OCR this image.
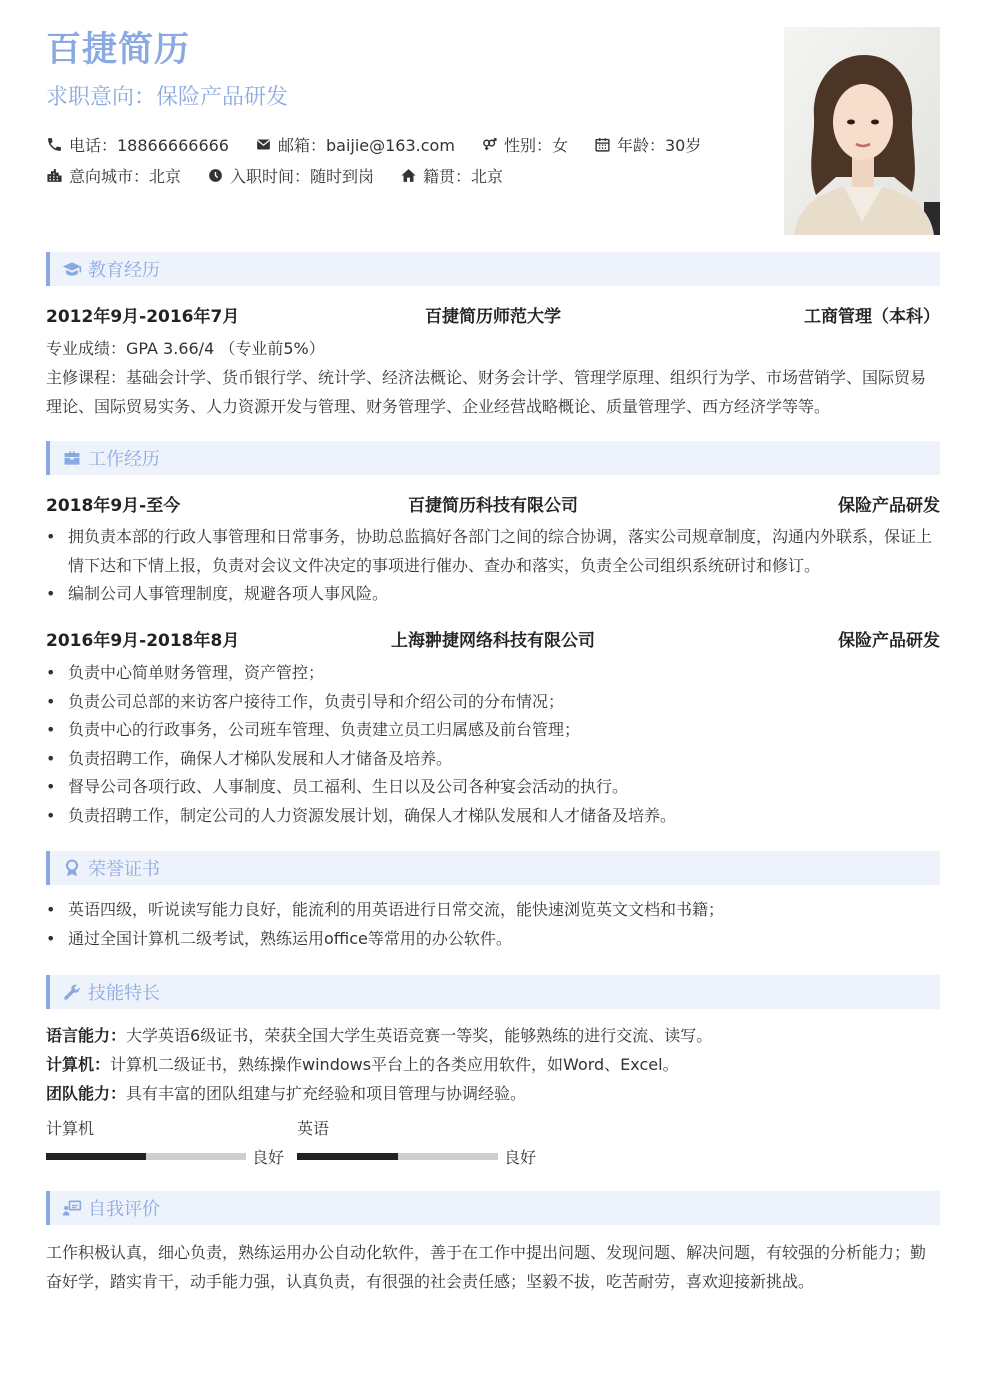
百捷简历
求职意向：保险产品研发
电话：18866666666	邮箱：baijie@163.com	性别：女	年龄：30岁
意向城市：北京	入职时间：随时到岗	籍贯：北京
教育经历
2012年9月-2016年7月	百捷简历师范大学	工商管理（本科）
专业成绩：GPA 3.66/4 （专业前5%）
主修课程：基础会计学、货币银行学、统计学、经济法概论、财务会计学、管理学原理、组织行为学、市场营销学、国际贸易理论、国际贸易实务、人力资源开发与管理、财务管理学、企业经营战略概论、质量管理学、西方经济学等等。
工作经历
2018年9月-至今	百捷简历科技有限公司	保险产品研发
• 拥负责本部的行政人事管理和日常事务，协助总监搞好各部门之间的综合协调，落实公司规章制度，沟通内外联系，保证上情下达和下情上报，负责对会议文件决定的事项进行催办、查办和落实，负责全公司组织系统研讨和修订。
• 编制公司人事管理制度，规避各项人事风险。
2016年9月-2018年8月	上海翀捷网络科技有限公司	保险产品研发
• 负责中心简单财务管理，资产管控；
• 负责公司总部的来访客户接待工作，负责引导和介绍公司的分布情况；
• 负责中心的行政事务，公司班车管理、负责建立员工归属感及前台管理；
• 负责招聘工作，确保人才梯队发展和人才储备及培养。
• 督导公司各项行政、人事制度、员工福利、生日以及公司各种宴会活动的执行。
• 负责招聘工作，制定公司的人力资源发展计划，确保人才梯队发展和人才储备及培养。
荣誉证书
• 英语四级，听说读写能力良好，能流利的用英语进行日常交流，能快速浏览英文文档和书籍；
• 通过全国计算机二级考试，熟练运用office等常用的办公软件。
技能特长
语言能力：大学英语6级证书，荣获全国大学生英语竞赛一等奖，能够熟练的进行交流、读写。
计算机：计算机二级证书，熟练操作windows平台上的各类应用软件，如Word、Excel。
团队能力：具有丰富的团队组建与扩充经验和项目管理与协调经验。
计算机
良好
英语
良好
自我评价
工作积极认真，细心负责，熟练运用办公自动化软件，善于在工作中提出问题、发现问题、解决问题，有较强的分析能力；勤奋好学，踏实肯干，动手能力强，认真负责，有很强的社会责任感；坚毅不拔，吃苦耐劳，喜欢迎接新挑战。
